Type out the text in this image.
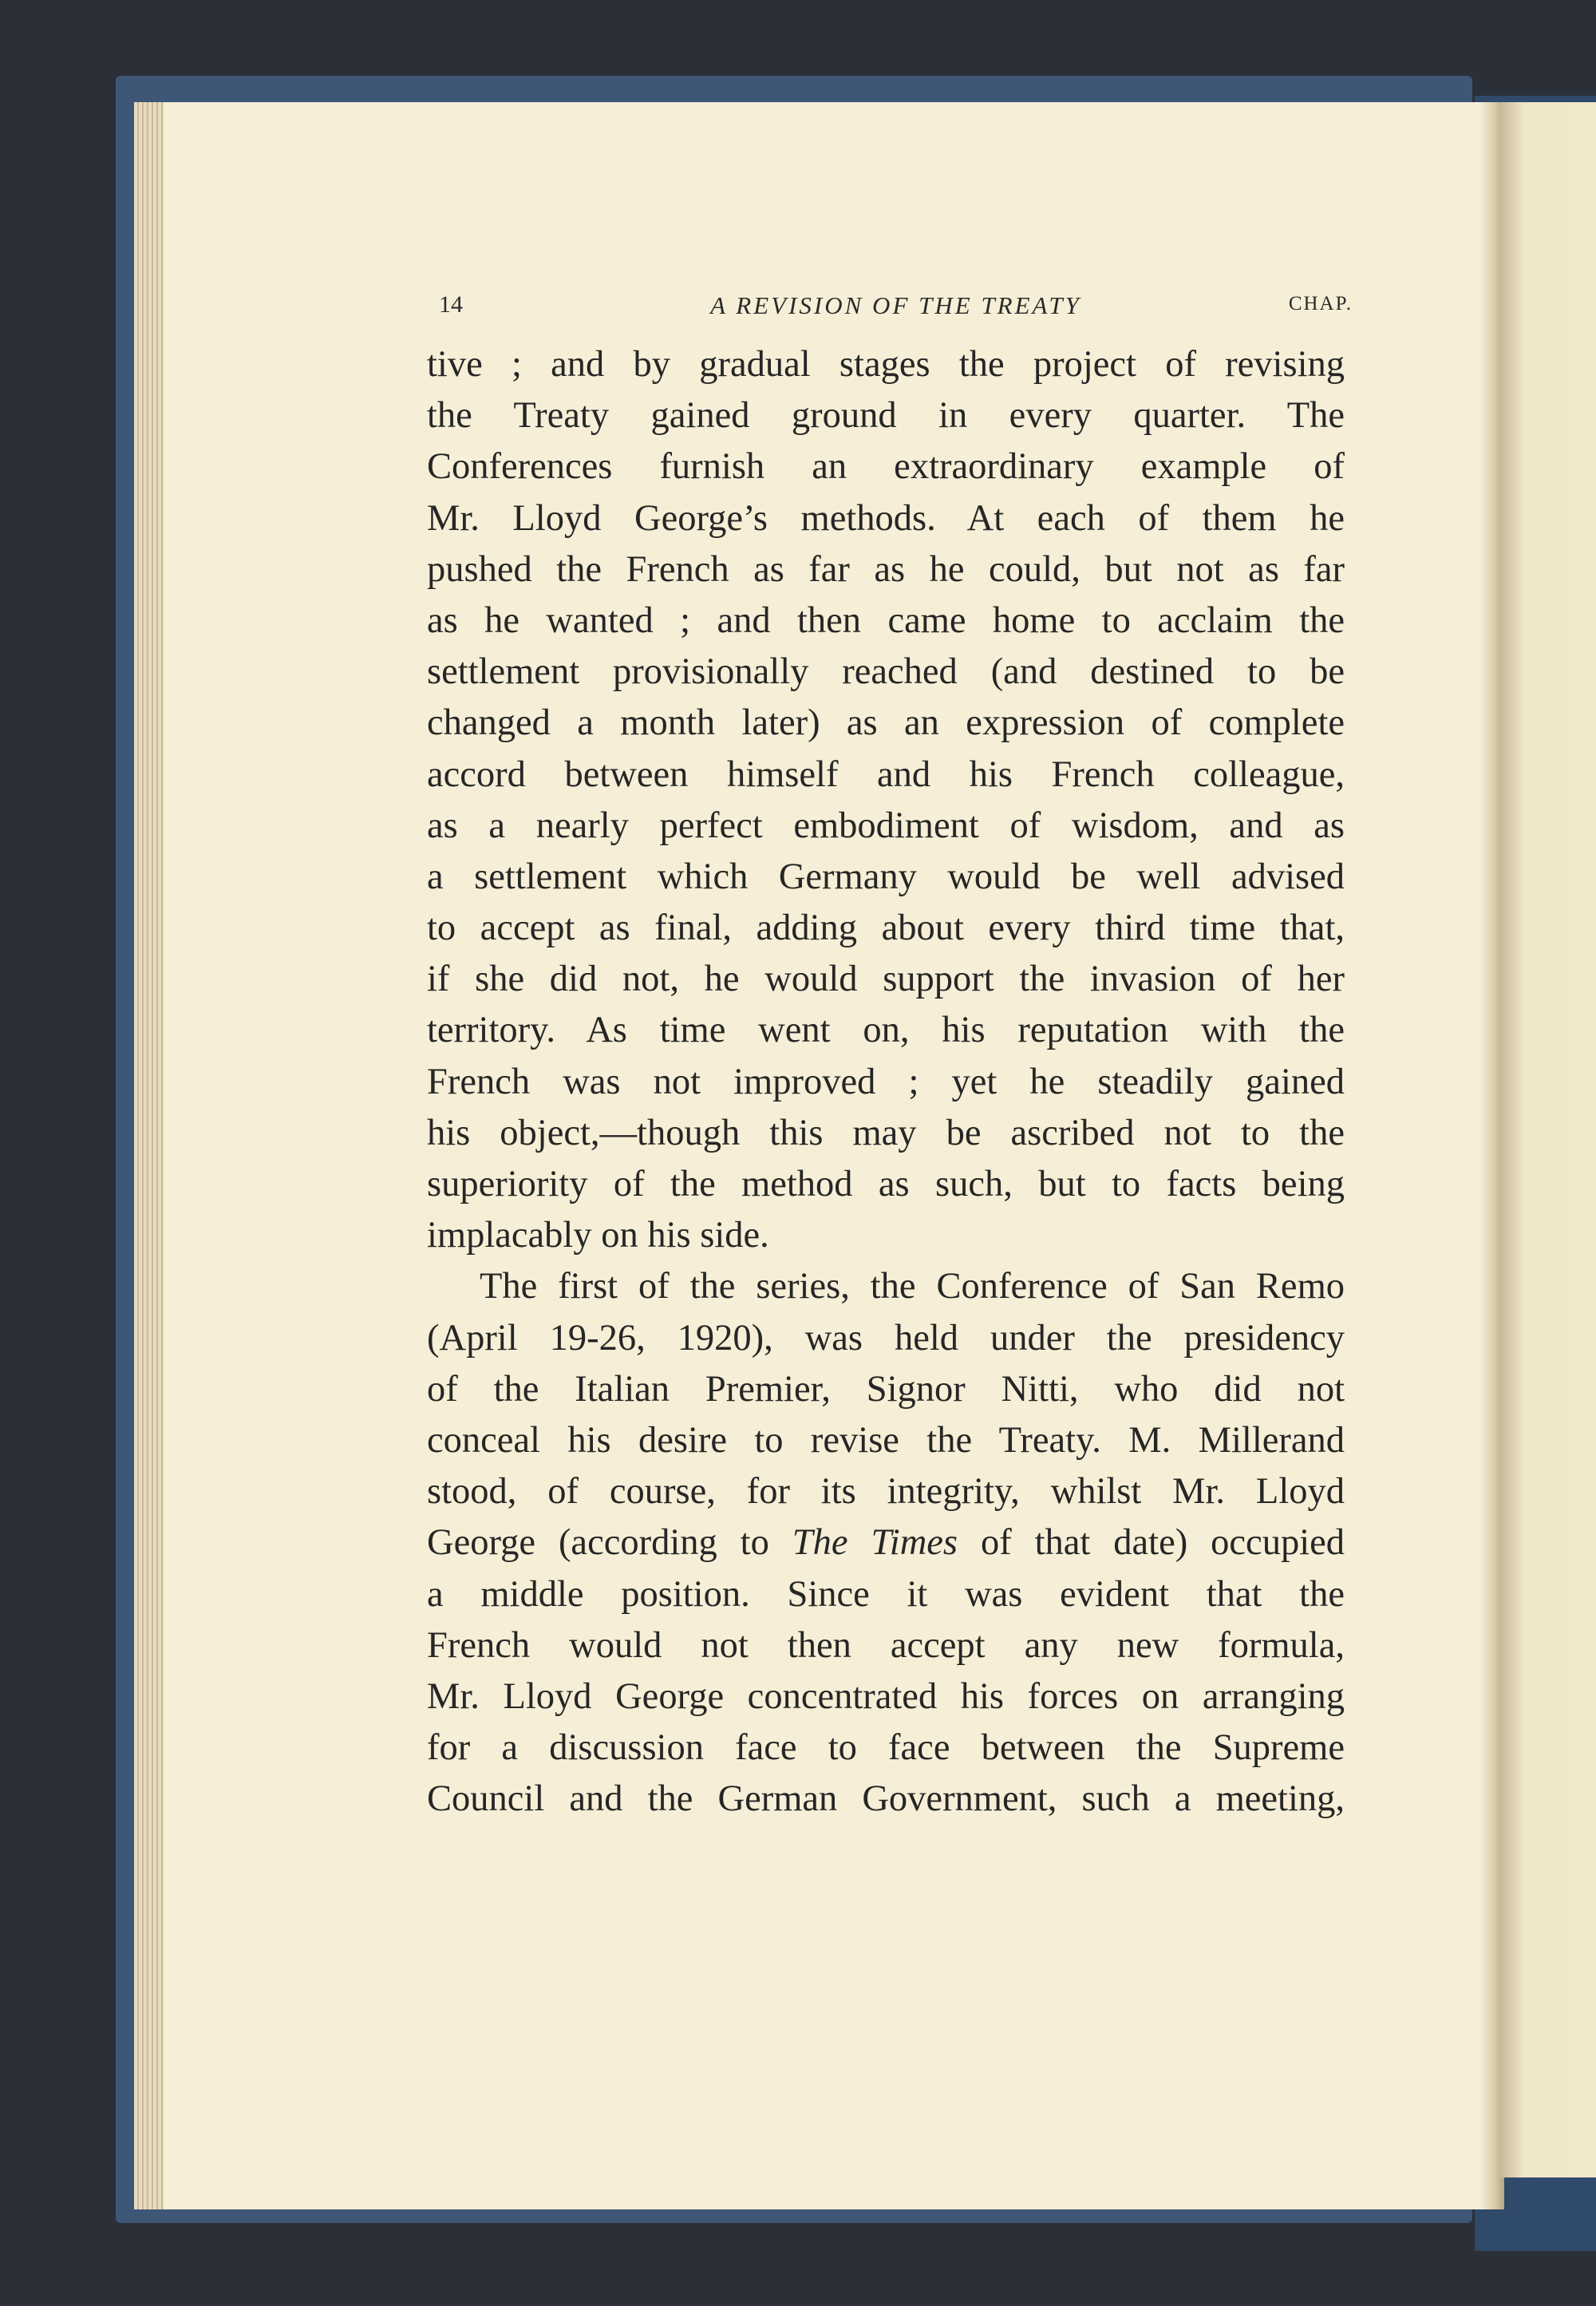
14	A REVISION OF THE TREATY	CHAP.
tive ; and by gradual stages the project of revising
the Treaty gained ground in every quarter. The
Conferences furnish an extraordinary example of
Mr. Lloyd George’s methods. At each of them he
pushed the French as far as he could, but not as far
as he wanted ; and then came home to acclaim the
settlement provisionally reached (and destined to be
changed a month later) as an expression of complete
accord between himself and his French colleague,
as a nearly perfect embodiment of wisdom, and as
a settlement which Germany would be well advised
to accept as final, adding about every third time that,
if she did not, he would support the invasion of her
territory. As time went on, his reputation with the
French was not improved ; yet he steadily gained
his object,—though this may be ascribed not to the
superiority of the method as such, but to facts being
implacably on his side.
The first of the series, the Conference of San Remo
(April 19-26, 1920), was held under the presidency
of the Italian Premier, Signor Nitti, who did not
conceal his desire to revise the Treaty. M. Millerand
stood, of course, for its integrity, whilst Mr. Lloyd
George (according to The Times of that date) occupied
a middle position. Since it was evident that the
French would not then accept any new formula,
Mr. Lloyd George concentrated his forces on arranging
for a discussion face to face between the Supreme
Council and the German Government, such a meeting,
